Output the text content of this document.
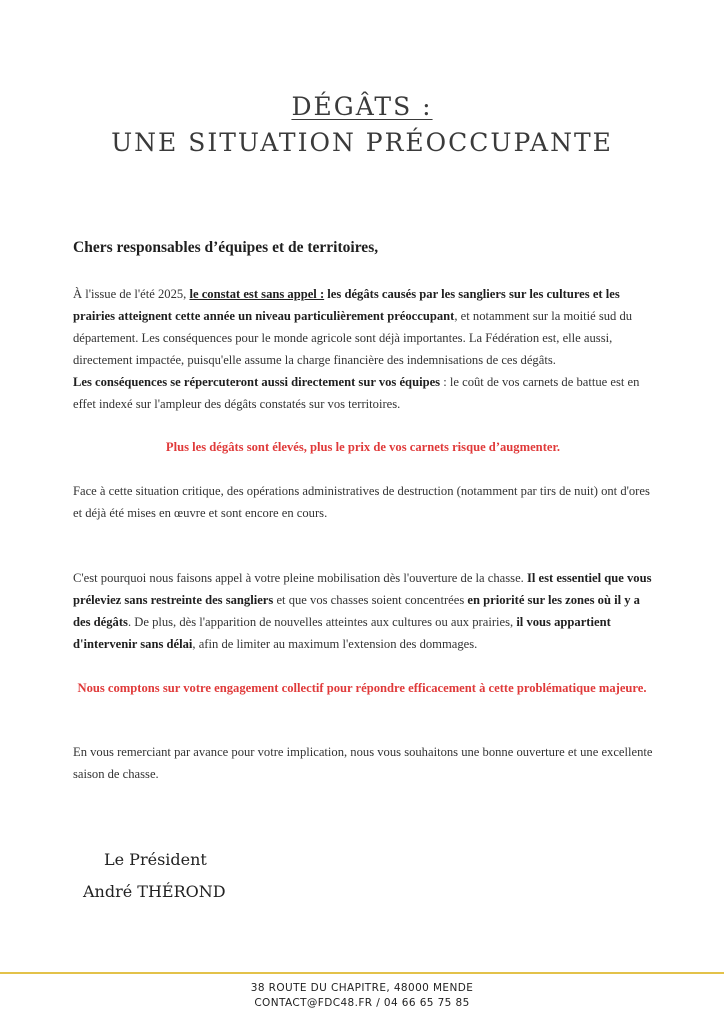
DÉGÂTS :
UNE SITUATION PRÉOCCUPANTE
Chers responsables d’équipes et de territoires,
À l'issue de l'été 2025, le constat est sans appel : les dégâts causés par les sangliers sur les cultures et les prairies atteignent cette année un niveau particulièrement préoccupant, et notamment sur la moitié sud du département. Les conséquences pour le monde agricole sont déjà importantes. La Fédération est, elle aussi, directement impactée, puisqu'elle assume la charge financière des indemnisations de ces dégâts.
Les conséquences se répercuteront aussi directement sur vos équipes : le coût de vos carnets de battue est en effet indexé sur l'ampleur des dégâts constatés sur vos territoires.
Plus les dégâts sont élevés, plus le prix de vos carnets risque d’augmenter.
Face à cette situation critique, des opérations administratives de destruction (notamment par tirs de nuit) ont d'ores et déjà été mises en œuvre et sont encore en cours.
C'est pourquoi nous faisons appel à votre pleine mobilisation dès l'ouverture de la chasse. Il est essentiel que vous préleviez sans restreinte des sangliers et que vos chasses soient concentrées en priorité sur les zones où il y a des dégâts. De plus, dès l'apparition de nouvelles atteintes aux cultures ou aux prairies, il vous appartient d'intervenir sans délai, afin de limiter au maximum l'extension des dommages.
Nous comptons sur votre engagement collectif pour répondre efficacement à cette problématique majeure.
En vous remerciant par avance pour votre implication, nous vous souhaitons une bonne ouverture et une excellente saison de chasse.
Le Président
André THÉROND
38 ROUTE DU CHAPITRE, 48000 MENDE
CONTACT@FDC48.FR / 04 66 65 75 85
